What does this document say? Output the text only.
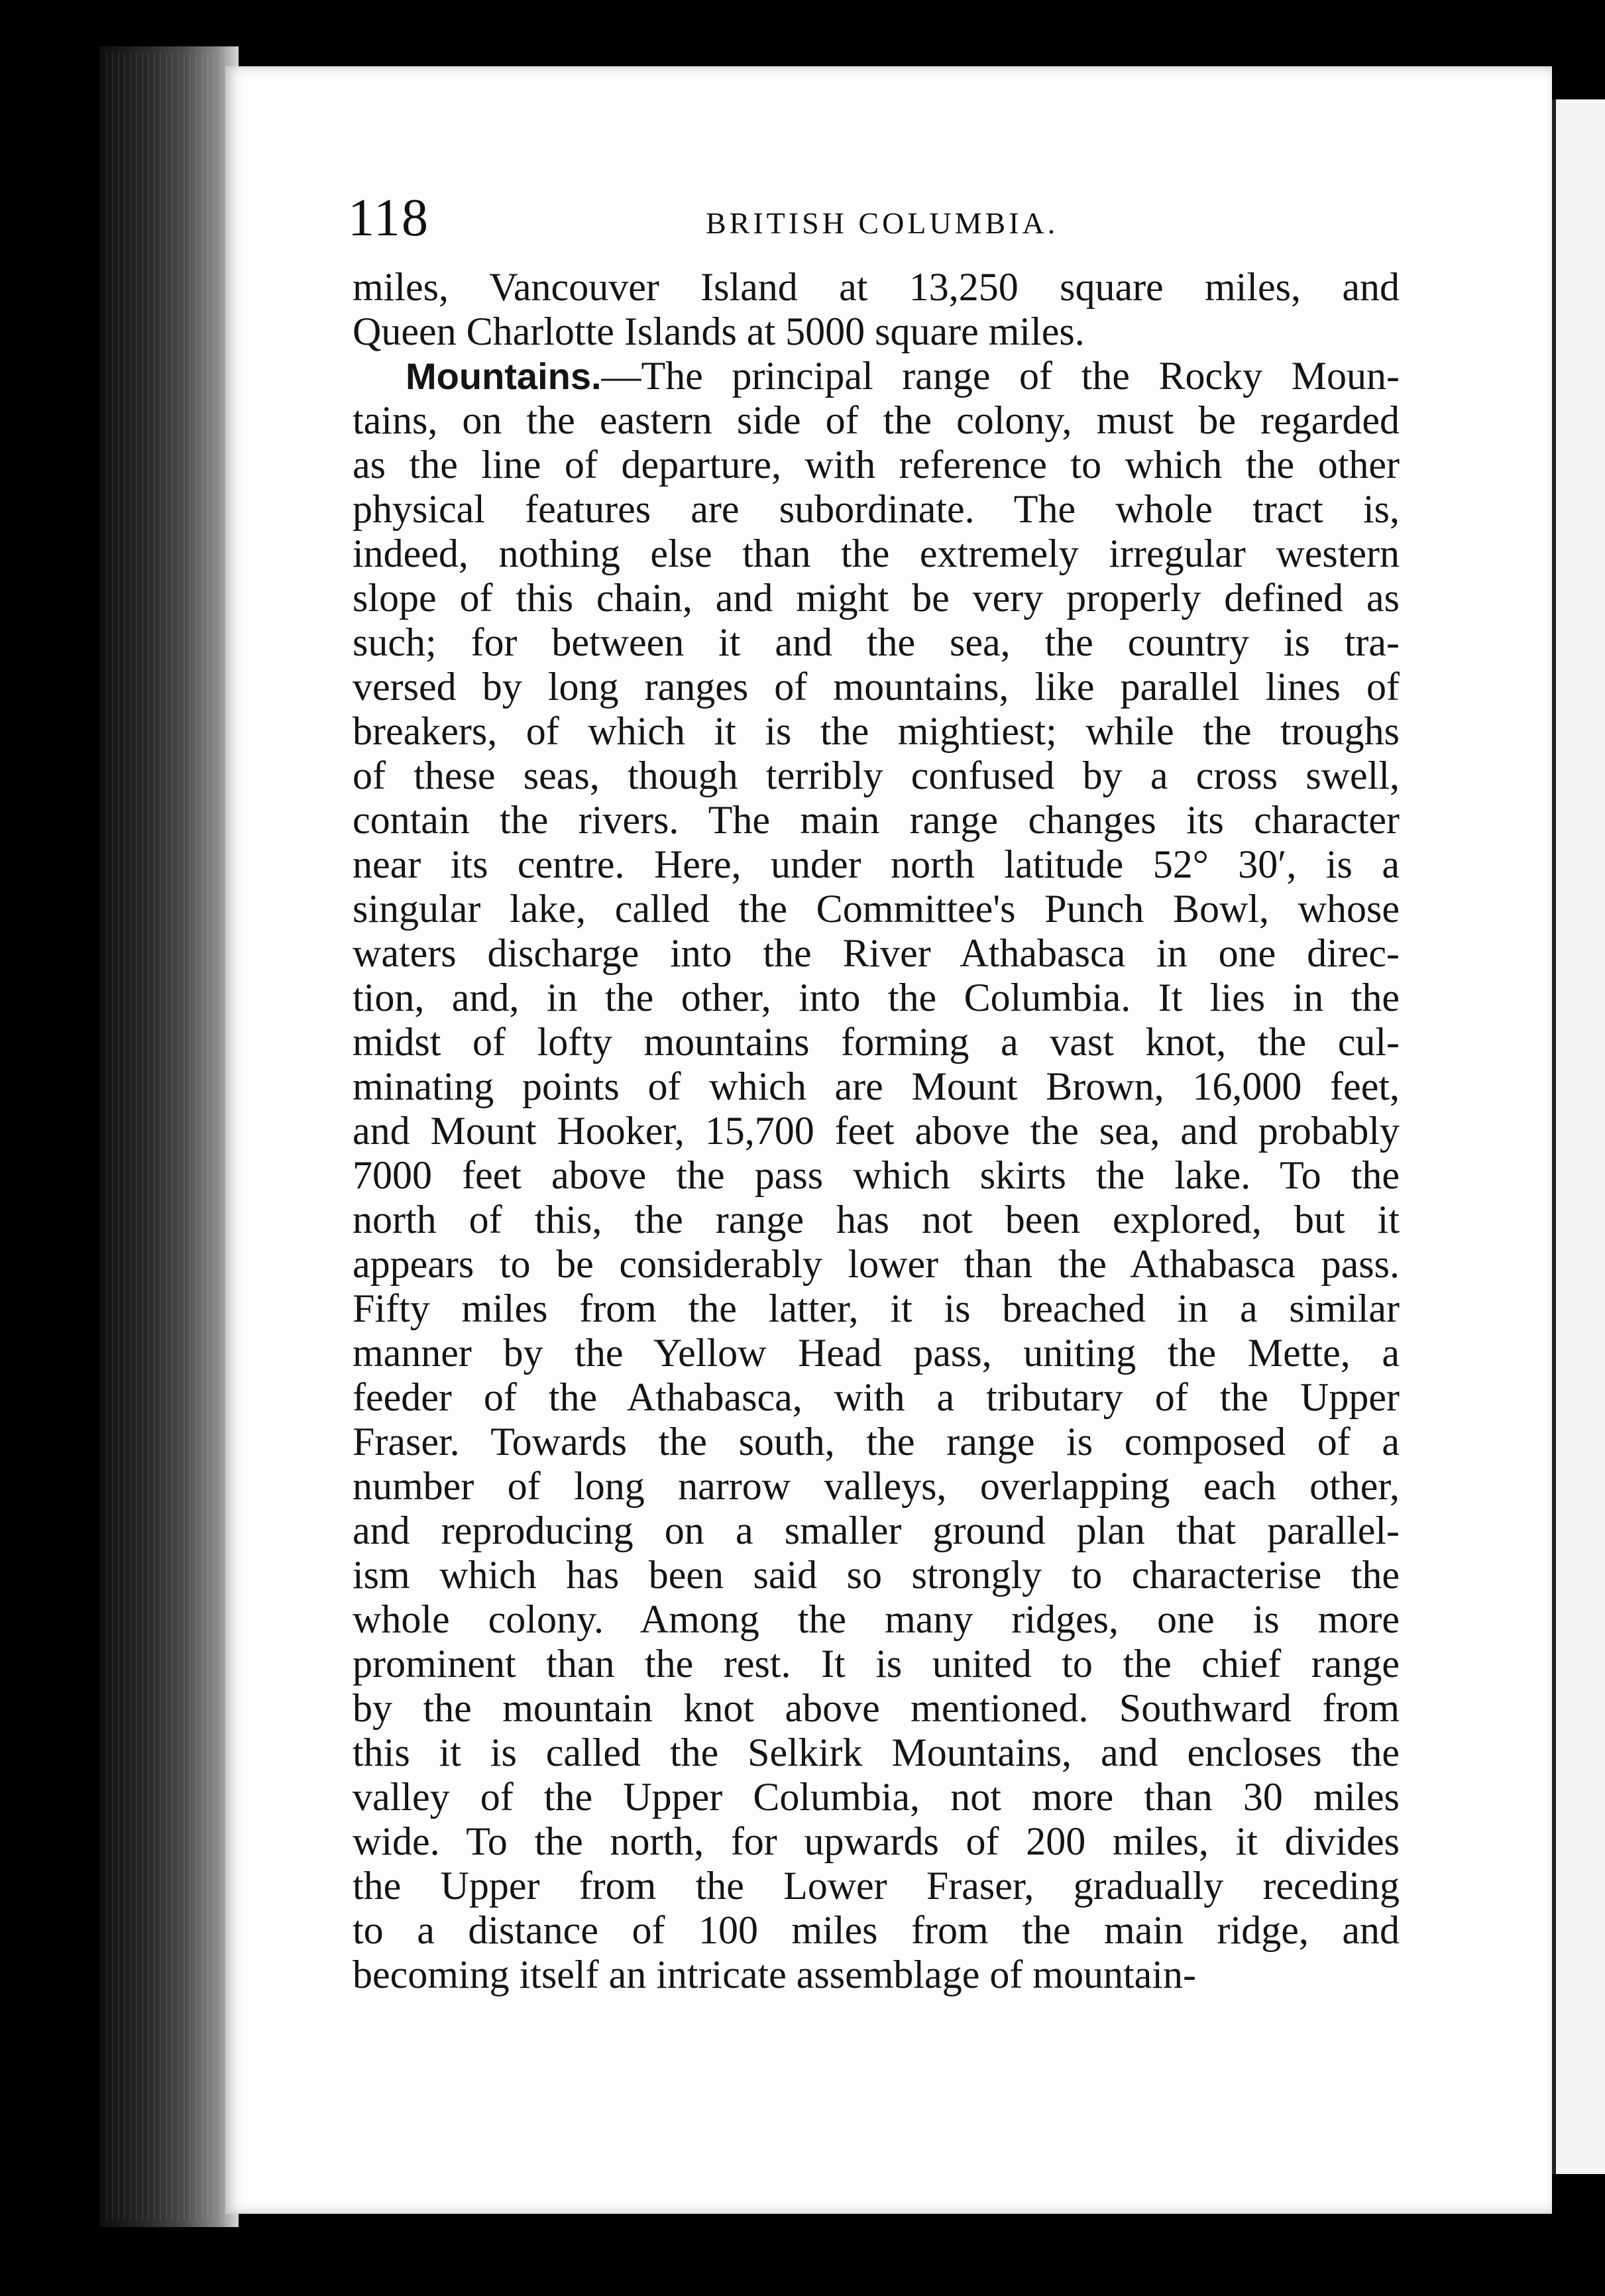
118	BRITISH COLUMBIA.
miles, Vancouver Island at 13,250 square miles, and
Queen Charlotte Islands at 5000 square miles.
Mountains.—The principal range of the Rocky Moun-
tains, on the eastern side of the colony, must be regarded
as the line of departure, with reference to which the other
physical features are subordinate. The whole tract is,
indeed, nothing else than the extremely irregular western
slope of this chain, and might be very properly defined as
such; for between it and the sea, the country is tra-
versed by long ranges of mountains, like parallel lines of
breakers, of which it is the mightiest; while the troughs
of these seas, though terribly confused by a cross swell,
contain the rivers. The main range changes its character
near its centre. Here, under north latitude 52° 30′, is a
singular lake, called the Committee's Punch Bowl, whose
waters discharge into the River Athabasca in one direc-
tion, and, in the other, into the Columbia. It lies in the
midst of lofty mountains forming a vast knot, the cul-
minating points of which are Mount Brown, 16,000 feet,
and Mount Hooker, 15,700 feet above the sea, and probably
7000 feet above the pass which skirts the lake. To the
north of this, the range has not been explored, but it
appears to be considerably lower than the Athabasca pass.
Fifty miles from the latter, it is breached in a similar
manner by the Yellow Head pass, uniting the Mette, a
feeder of the Athabasca, with a tributary of the Upper
Fraser. Towards the south, the range is composed of a
number of long narrow valleys, overlapping each other,
and reproducing on a smaller ground plan that parallel-
ism which has been said so strongly to characterise the
whole colony. Among the many ridges, one is more
prominent than the rest. It is united to the chief range
by the mountain knot above mentioned. Southward from
this it is called the Selkirk Mountains, and encloses the
valley of the Upper Columbia, not more than 30 miles
wide. To the north, for upwards of 200 miles, it divides
the Upper from the Lower Fraser, gradually receding
to a distance of 100 miles from the main ridge, and
becoming itself an intricate assemblage of mountain-
